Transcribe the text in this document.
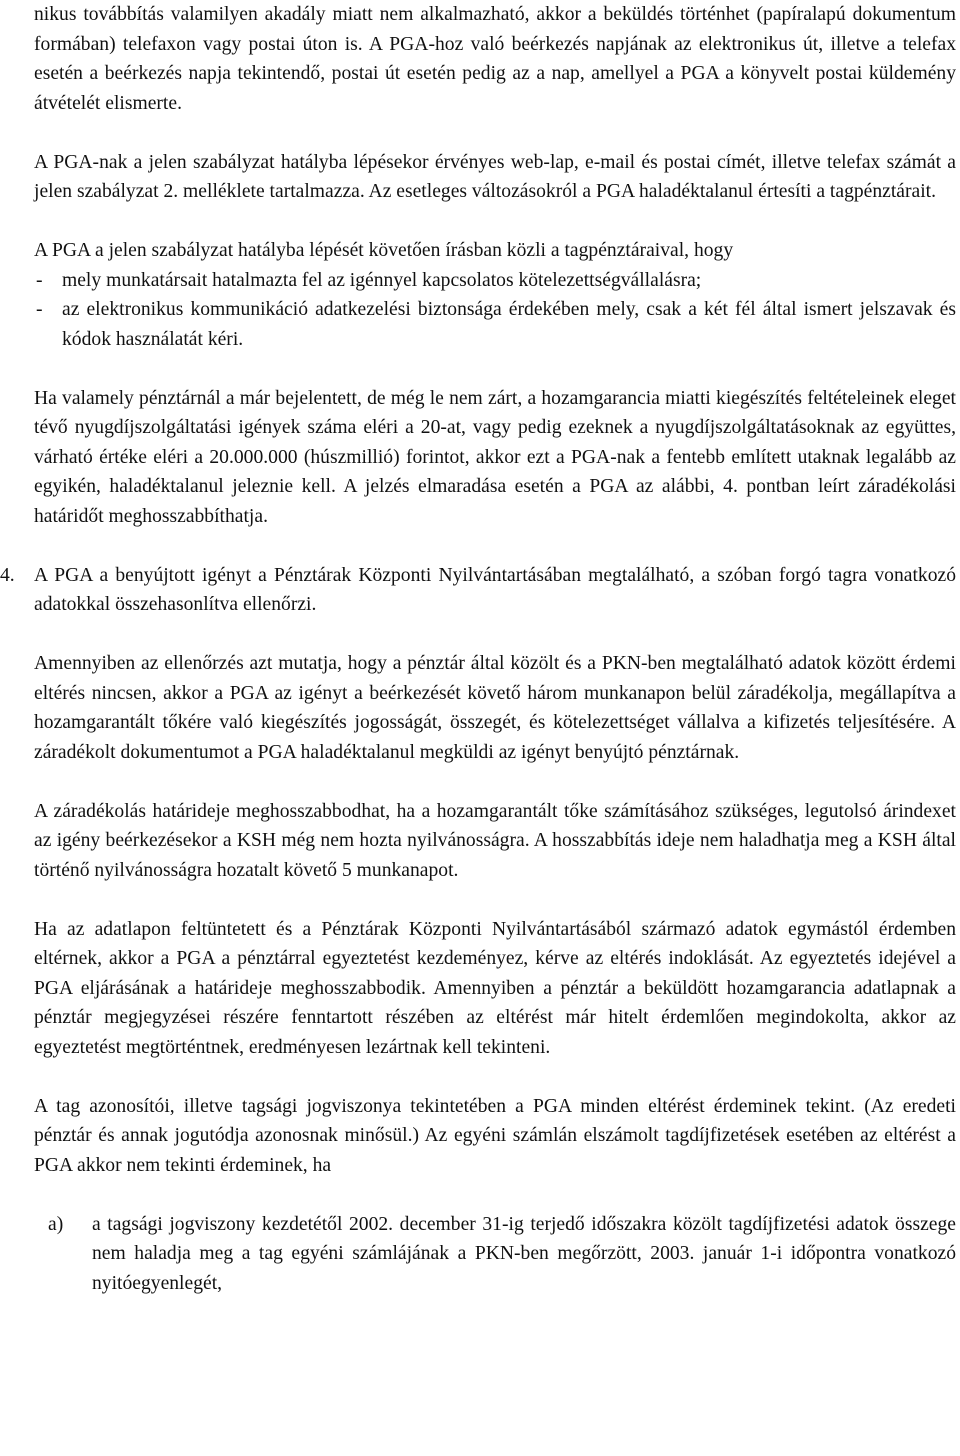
nikus továbbítás valamilyen akadály miatt nem alkalmazható, akkor a beküldés történhet (papíralapú dokumentum formában) telefaxon vagy postai úton is. A PGA-hoz való beérkezés napjának az elektronikus út, illetve a telefax esetén a beérkezés napja tekintendő, postai út esetén pedig az a nap, amellyel a PGA a könyvelt postai küldemény átvételét elismerte.

A PGA-nak a jelen szabályzat hatályba lépésekor érvényes web-lap, e-mail és postai címét, illetve telefax számát a jelen szabályzat 2. melléklete tartalmazza. Az esetleges változásokról a PGA haladéktalanul értesíti a tagpénztárait.

A PGA a jelen szabályzat hatályba lépését követően írásban közli a tagpénztáraival, hogy

- mely munkatársait hatalmazta fel az igénnyel kapcsolatos kötelezettségvállalásra;
- az elektronikus kommunikáció adatkezelési biztonsága érdekében mely, csak a két fél által ismert jelszavak és kódok használatát kéri.

Ha valamely pénztárnál a már bejelentett, de még le nem zárt, a hozamgarancia miatti kiegészítés feltételeinek eleget tévő nyugdíjszolgáltatási igények száma eléri a 20-at, vagy pedig ezeknek a nyugdíjszolgáltatásoknak az együttes, várható értéke eléri a 20.000.000 (húszmillió) forintot, akkor ezt a PGA-nak a fentebb említett utaknak legalább az egyikén, haladéktalanul jeleznie kell. A jelzés elmaradása esetén a PGA az alábbi, 4. pontban leírt záradékolási határidőt meghosszabbíthatja.

4. A PGA a benyújtott igényt a Pénztárak Központi Nyilvántartásában megtalálható, a szóban forgó tagra vonatkozó adatokkal összehasonlítva ellenőrzi.

Amennyiben az ellenőrzés azt mutatja, hogy a pénztár által közölt és a PKN-ben megtalálható adatok között érdemi eltérés nincsen, akkor a PGA az igényt a beérkezését követő három munkanapon belül záradékolja, megállapítva a hozamgarantált tőkére való kiegészítés jogosságát, összegét, és kötelezettséget vállalva a kifizetés teljesítésére. A záradékolt dokumentumot a PGA haladéktalanul megküldi az igényt benyújtó pénztárnak.

A záradékolás határideje meghosszabbodhat, ha a hozamgarantált tőke számításához szükséges, legutolsó árindexet az igény beérkezésekor a KSH még nem hozta nyilvánosságra. A hosszabbítás ideje nem haladhatja meg a KSH által történő nyilvánosságra hozatalt követő 5 munkanapot.

Ha az adatlapon feltüntetett és a Pénztárak Központi Nyilvántartásából származó adatok egymástól érdemben eltérnek, akkor a PGA a pénztárral egyeztetést kezdeményez, kérve az eltérés indoklását. Az egyeztetés idejével a PGA eljárásának a határideje meghosszabbodik. Amennyiben a pénztár a beküldött hozamgarancia adatlapnak a pénztár megjegyzései részére fenntartott részében az eltérést már hitelt érdemlően megindokolta, akkor az egyeztetést megtörténtnek, eredményesen lezártnak kell tekinteni.

A tag azonosítói, illetve tagsági jogviszonya tekintetében a PGA minden eltérést érdeminek tekint. (Az eredeti pénztár és annak jogutódja azonosnak minősül.) Az egyéni számlán elszámolt tagdíjfizetések esetében az eltérést a PGA akkor nem tekinti érdeminek, ha

a) a tagsági jogviszony kezdetétől 2002. december 31-ig terjedő időszakra közölt tagdíjfizetési adatok összege nem haladja meg a tag egyéni számlájának a PKN-ben megőrzött, 2003. január 1-i időpontra vonatkozó nyitóegyenlegét,
